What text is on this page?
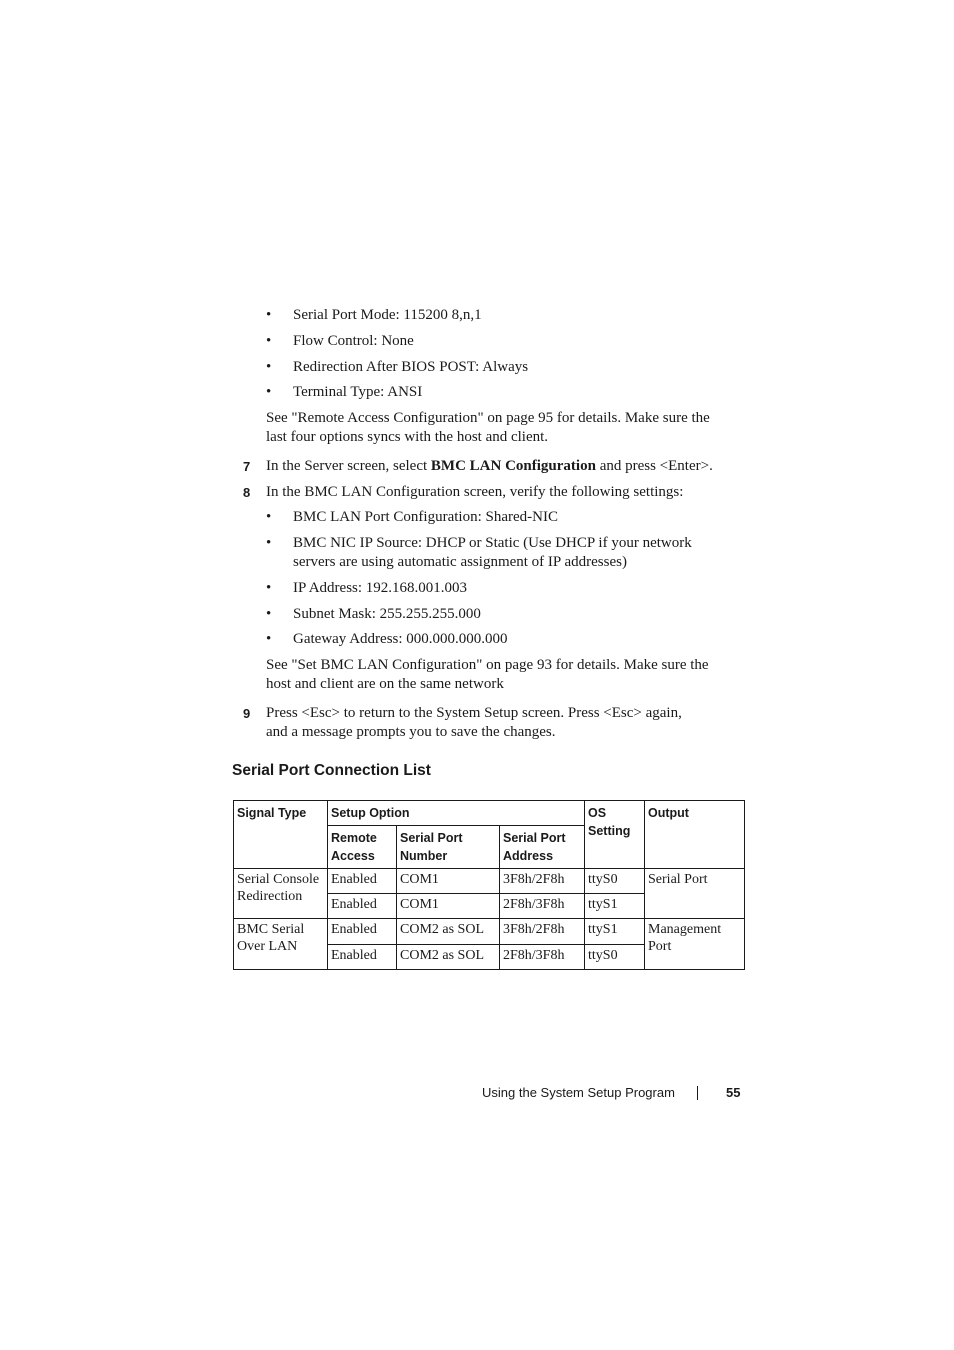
• Serial Port Mode: 115200 8,n,1
• Flow Control: None
• Redirection After BIOS POST: Always
• Terminal Type: ANSI
See "Remote Access Configuration" on page 95 for details. Make sure the
last four options syncs with the host and client.
7 In the Server screen, select BMC LAN Configuration and press <Enter>.
8 In the BMC LAN Configuration screen, verify the following settings:
• BMC LAN Port Configuration: Shared-NIC
• BMC NIC IP Source: DHCP or Static (Use DHCP if your network
servers are using automatic assignment of IP addresses)
• IP Address: 192.168.001.003
• Subnet Mask: 255.255.255.000
• Gateway Address: 000.000.000.000
See "Set BMC LAN Configuration" on page 93 for details. Make sure the
host and client are on the same network
9 Press <Esc> to return to the System Setup screen. Press <Esc> again,
and a message prompts you to save the changes.
Serial Port Connection List
Signal Type	Setup Option			OS Setting	Output
	Remote Access	Serial Port Number	Serial Port Address		
Serial Console Redirection	Enabled	COM1	3F8h/2F8h	ttyS0	Serial Port
	Enabled	COM1	2F8h/3F8h	ttyS1	
BMC Serial Over LAN	Enabled	COM2 as SOL	3F8h/2F8h	ttyS1	Management Port
	Enabled	COM2 as SOL	2F8h/3F8h	ttyS0	
Using the System Setup Program	55
